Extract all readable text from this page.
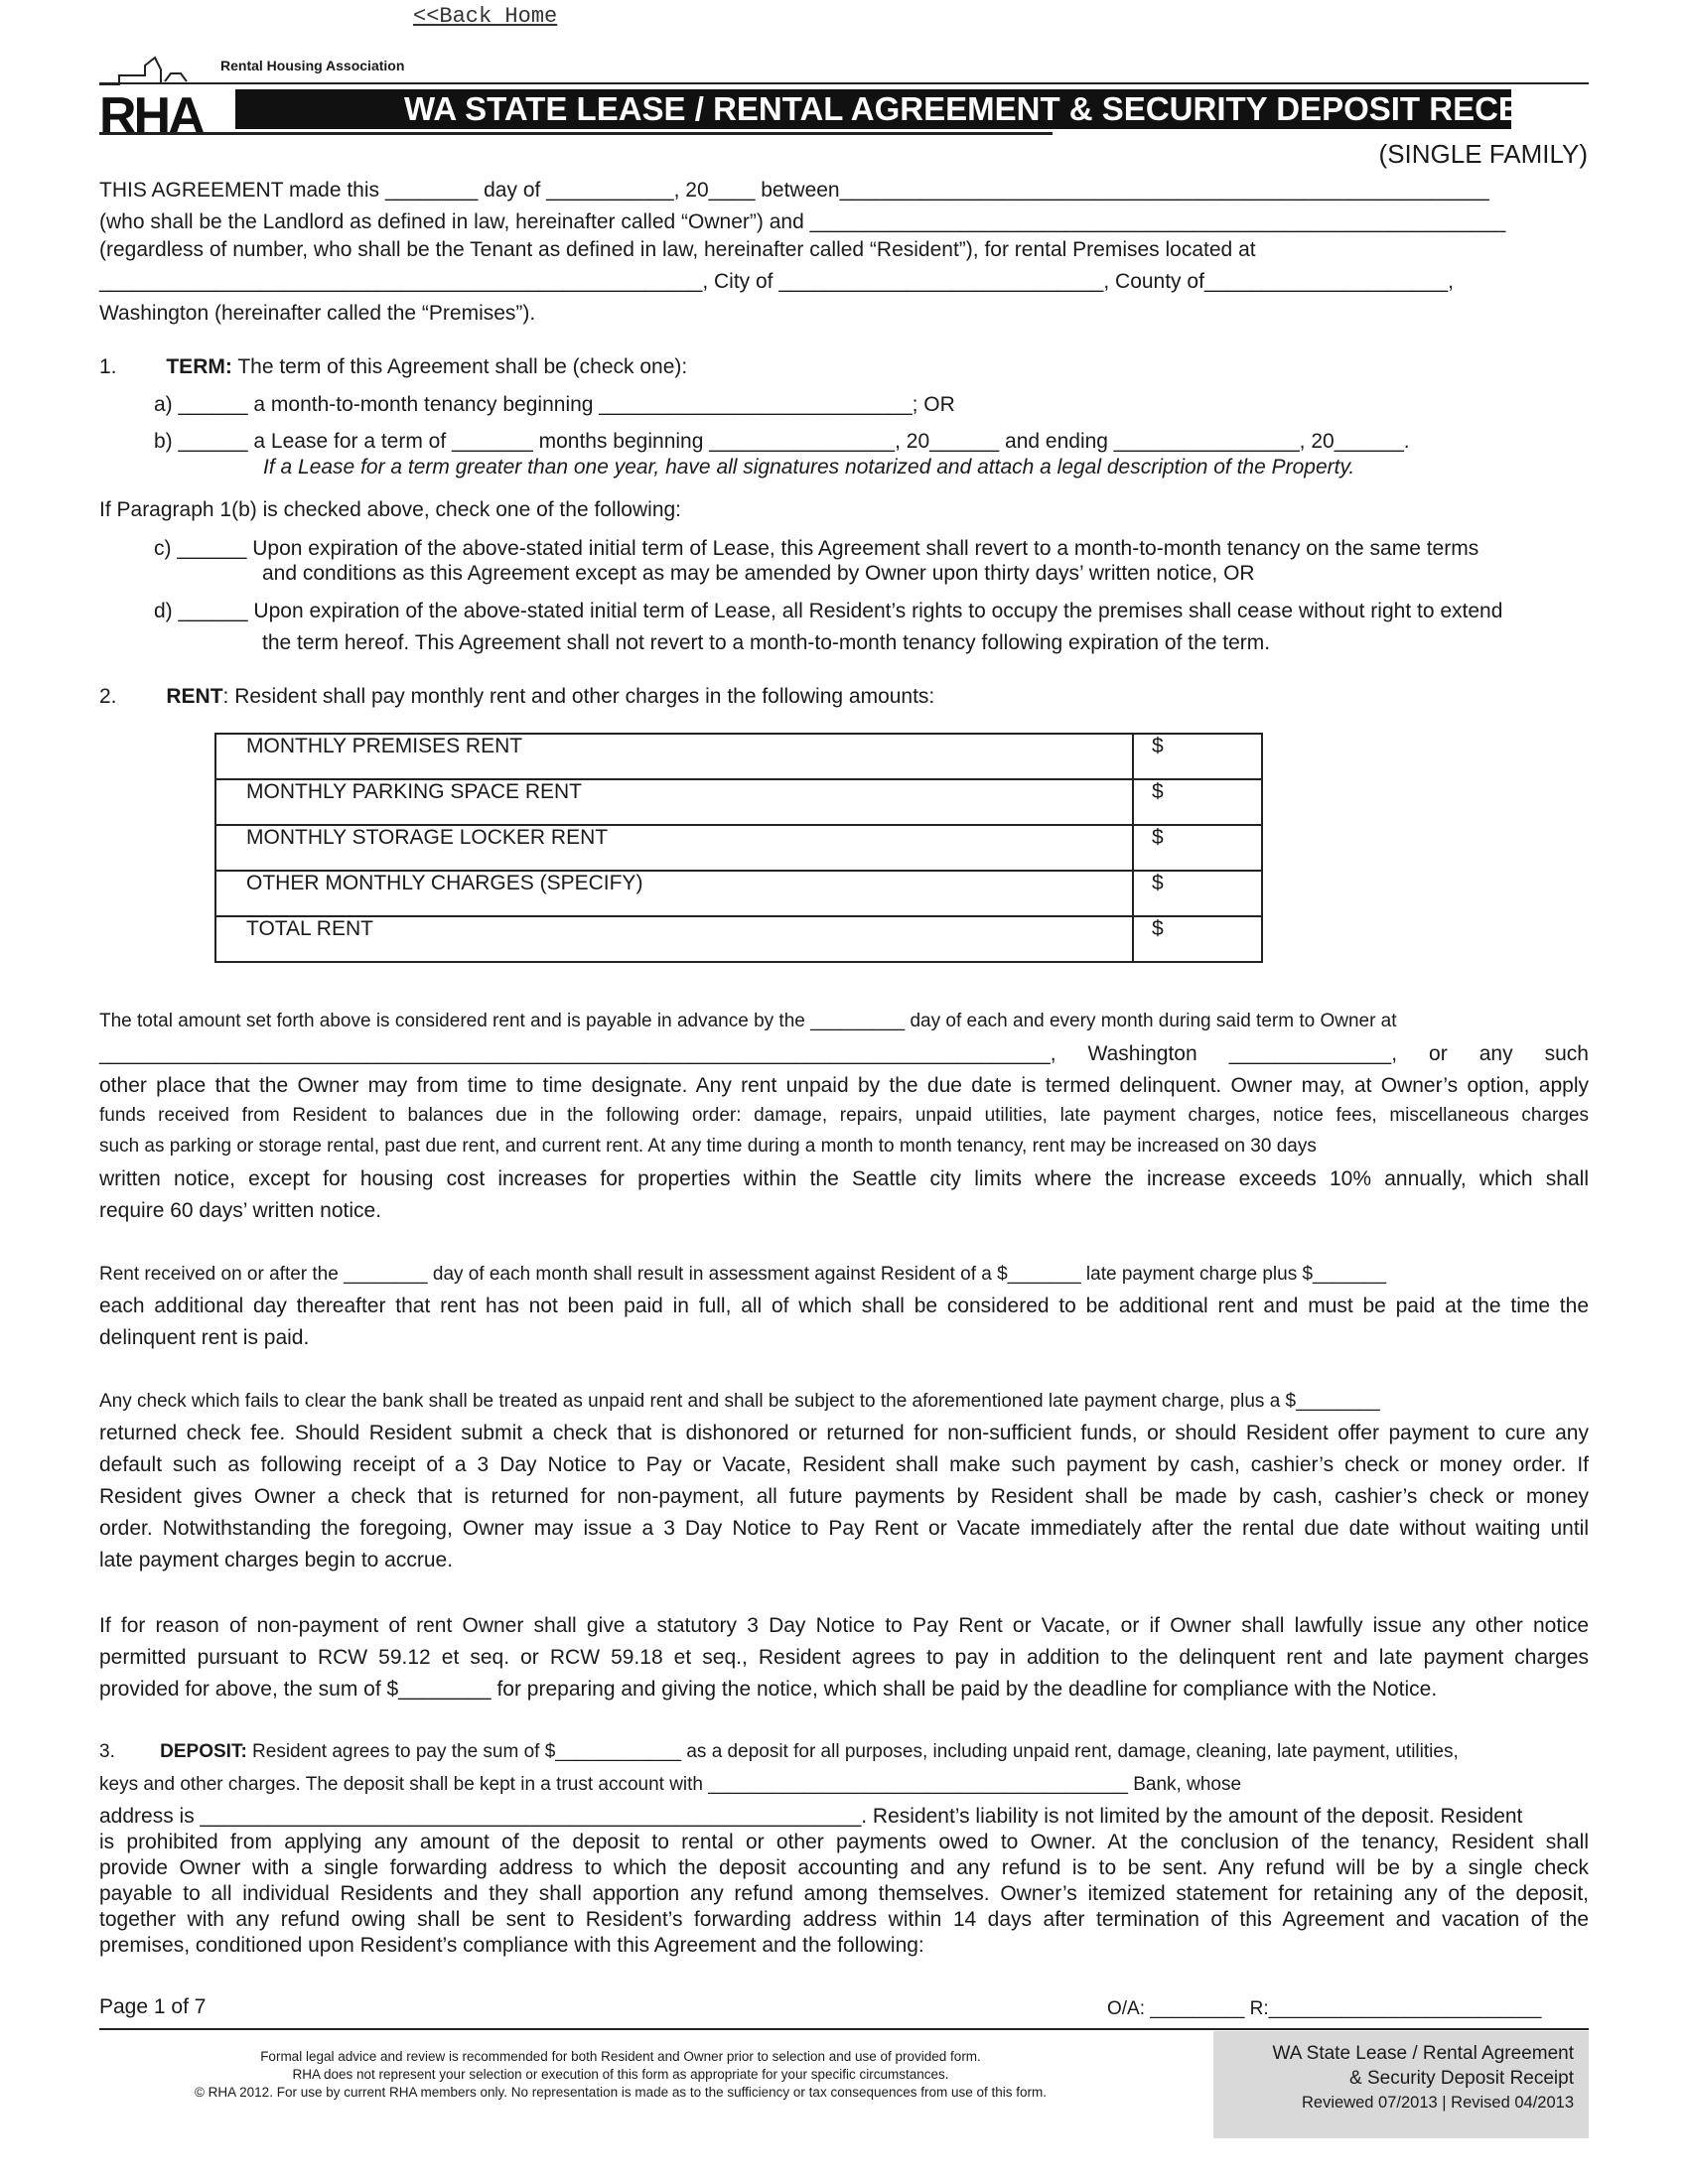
<<Back Home
RHA
Rental Housing Association
WA STATE LEASE / RENTAL AGREEMENT & SECURITY DEPOSIT RECEIPT
(SINGLE FAMILY)
THIS AGREEMENT made this ________ day of ___________, 20____ between________________________________________________________
(who shall be the Landlord as defined in law, hereinafter called “Owner”) and ____________________________________________________________
(regardless of number, who shall be the Tenant as defined in law, hereinafter called “Resident”), for rental Premises located at
____________________________________________________, City of ____________________________, County of_____________________,
Washington (hereinafter called the “Premises”).
1. TERM: The term of this Agreement shall be (check one):
a) ______ a month-to-month tenancy beginning ___________________________; OR
b) ______ a Lease for a term of _______ months beginning ________________, 20______ and ending ________________, 20______.
If a Lease for a term greater than one year, have all signatures notarized and attach a legal description of the Property.
If Paragraph 1(b) is checked above, check one of the following:
c) ______ Upon expiration of the above-stated initial term of Lease, this Agreement shall revert to a month-to-month tenancy on the same terms
and conditions as this Agreement except as may be amended by Owner upon thirty days’ written notice, OR
d) ______ Upon expiration of the above-stated initial term of Lease, all Resident’s rights to occupy the premises shall cease without right to extend
the term hereof. This Agreement shall not revert to a month-to-month tenancy following expiration of the term.
2. RENT: Resident shall pay monthly rent and other charges in the following amounts:
MONTHLY PREMISES RENT	$
MONTHLY PARKING SPACE RENT	$
MONTHLY STORAGE LOCKER RENT	$
OTHER MONTHLY CHARGES (SPECIFY)	$
TOTAL RENT	$
The total amount set forth above is considered rent and is payable in advance by the _________ day of each and every month during said term to Owner at
__________________________________________________________________________________, Washington ______________, or any such
other place that the Owner may from time to time designate. Any rent unpaid by the due date is termed delinquent. Owner may, at Owner’s option, apply
funds received from Resident to balances due in the following order: damage, repairs, unpaid utilities, late payment charges, notice fees, miscellaneous charges
such as parking or storage rental, past due rent, and current rent. At any time during a month to month tenancy, rent may be increased on 30 days
written notice, except for housing cost increases for properties within the Seattle city limits where the increase exceeds 10% annually, which shall
require 60 days’ written notice.
Rent received on or after the ________ day of each month shall result in assessment against Resident of a $_______ late payment charge plus $_______
each additional day thereafter that rent has not been paid in full, all of which shall be considered to be additional rent and must be paid at the time the
delinquent rent is paid.
Any check which fails to clear the bank shall be treated as unpaid rent and shall be subject to the aforementioned late payment charge, plus a $________
returned check fee. Should Resident submit a check that is dishonored or returned for non-sufficient funds, or should Resident offer payment to cure any
default such as following receipt of a 3 Day Notice to Pay or Vacate, Resident shall make such payment by cash, cashier’s check or money order. If
Resident gives Owner a check that is returned for non-payment, all future payments by Resident shall be made by cash, cashier’s check or money
order. Notwithstanding the foregoing, Owner may issue a 3 Day Notice to Pay Rent or Vacate immediately after the rental due date without waiting until
late payment charges begin to accrue.
If for reason of non-payment of rent Owner shall give a statutory 3 Day Notice to Pay Rent or Vacate, or if Owner shall lawfully issue any other notice
permitted pursuant to RCW 59.12 et seq. or RCW 59.18 et seq., Resident agrees to pay in addition to the delinquent rent and late payment charges
provided for above, the sum of $________ for preparing and giving the notice, which shall be paid by the deadline for compliance with the Notice.
3. DEPOSIT: Resident agrees to pay the sum of $____________ as a deposit for all purposes, including unpaid rent, damage, cleaning, late payment, utilities,
keys and other charges. The deposit shall be kept in a trust account with ________________________________________ Bank, whose
address is _________________________________________________________. Resident’s liability is not limited by the amount of the deposit. Resident
is prohibited from applying any amount of the deposit to rental or other payments owed to Owner. At the conclusion of the tenancy, Resident shall
provide Owner with a single forwarding address to which the deposit accounting and any refund is to be sent. Any refund will be by a single check
payable to all individual Residents and they shall apportion any refund among themselves. Owner’s itemized statement for retaining any of the deposit,
together with any refund owing shall be sent to Resident’s forwarding address within 14 days after termination of this Agreement and vacation of the
premises, conditioned upon Resident’s compliance with this Agreement and the following:
Page 1 of 7	O/A: _________ R:__________________________
Formal legal advice and review is recommended for both Resident and Owner prior to selection and use of provided form.
RHA does not represent your selection or execution of this form as appropriate for your specific circumstances.
© RHA 2012. For use by current RHA members only. No representation is made as to the sufficiency or tax consequences from use of this form.
WA State Lease / Rental Agreement
& Security Deposit Receipt
Reviewed 07/2013 | Revised 04/2013
